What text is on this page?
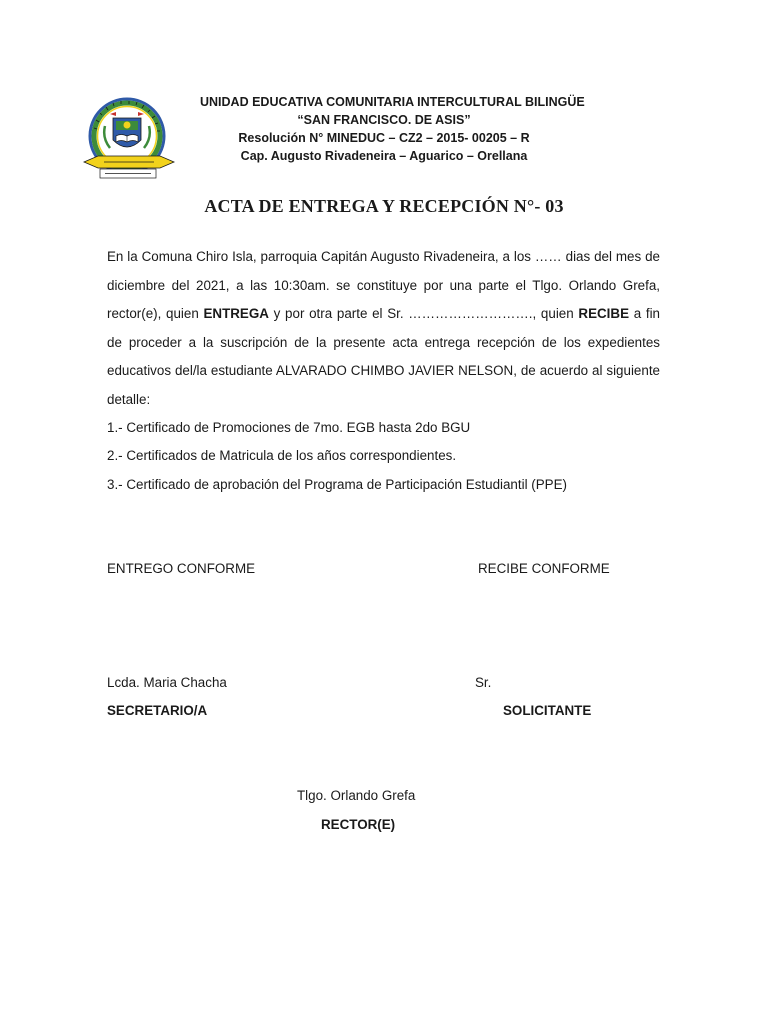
UNIDAD EDUCATIVA COMUNITARIA INTERCULTURAL BILINGÜE
“SAN FRANCISCO. DE ASIS”
Resolución N° MINEDUC – CZ2 – 2015- 00205 – R
Cap. Augusto Rivadeneira – Aguarico – Orellana
ACTA DE ENTREGA Y RECEPCIÓN N°- 03

En la Comuna Chiro Isla, parroquia Capitán Augusto Rivadeneira, a los …… dias del mes de diciembre del 2021, a las 10:30am. se constituye por una parte el Tlgo. Orlando Grefa, rector(e), quien ENTREGA y por otra parte el Sr. ………………………., quien RECIBE a fin de proceder a la suscripción de la presente acta entrega recepción de los expedientes educativos del/la estudiante ALVARADO CHIMBO JAVIER NELSON, de acuerdo al siguiente detalle:

1.- Certificado de Promociones de 7mo. EGB hasta 2do BGU
2.- Certificados de Matricula de los años correspondientes.
3.- Certificado de aprobación del Programa de Participación Estudiantil (PPE)
ENTREGO CONFORME	RECIBE CONFORME
Lcda. Maria Chacha	Sr.
SECRETARIO/A	SOLICITANTE
Tlgo. Orlando Grefa
RECTOR(E)
